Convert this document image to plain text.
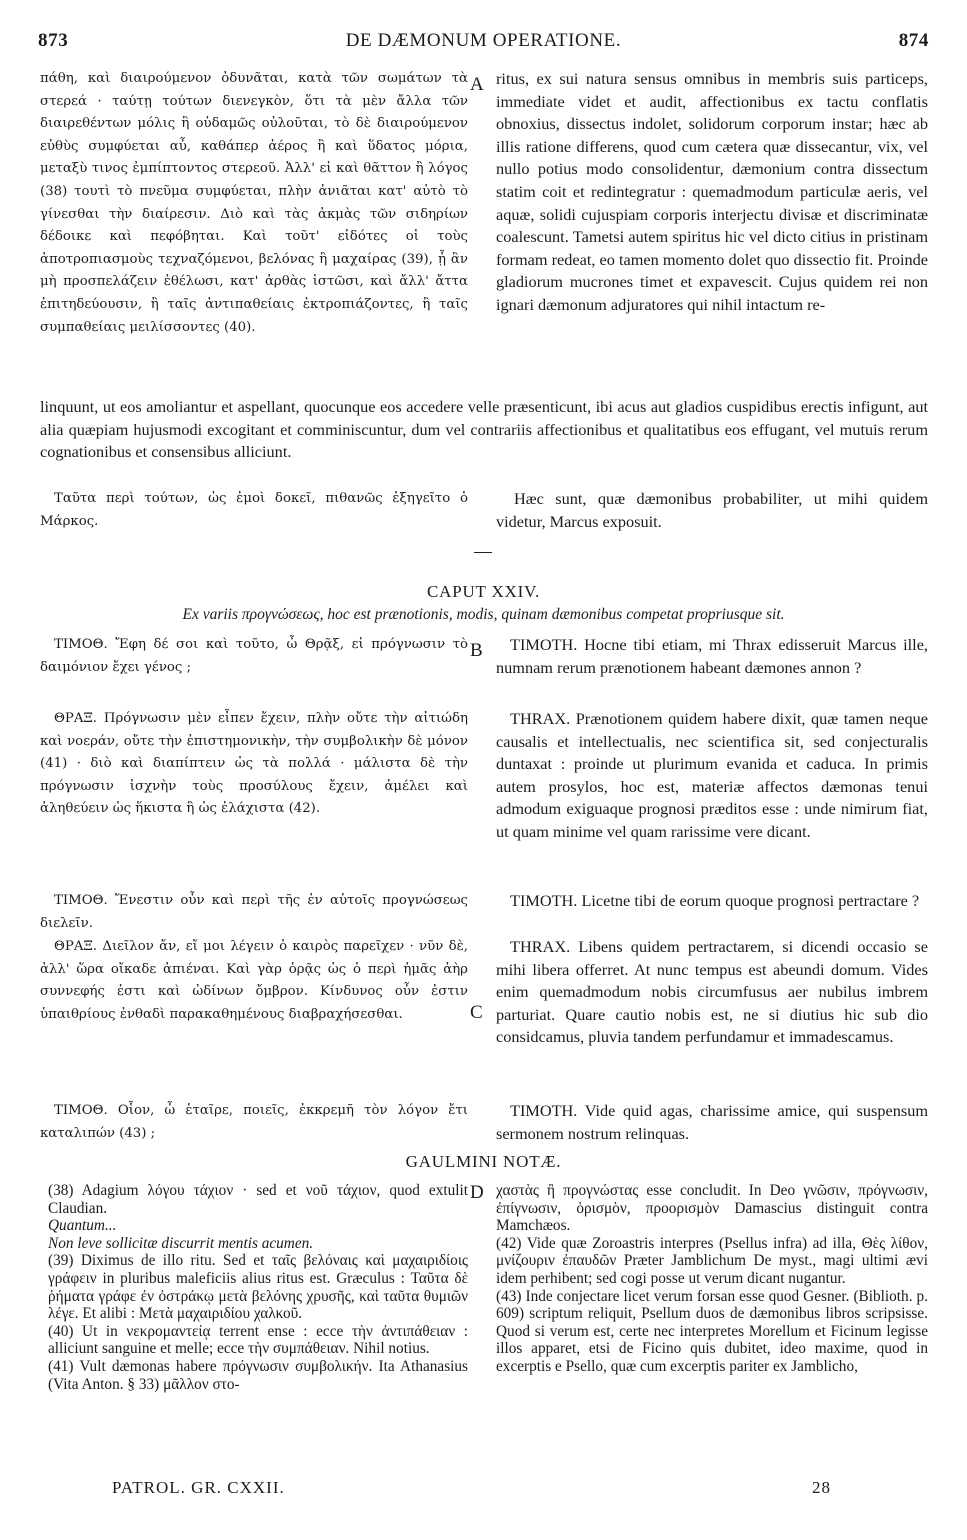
873	DE DÆMONUM OPERATIONE.	874

πάθη, καὶ διαιρούμενον ὀδυνᾶται, κατὰ τῶν σωμάτων τὰ στερεά · ταύτῃ τούτων διενεγκὸν, ὅτι τὰ μὲν ἄλλα τῶν διαιρεθέντων μόλις ἢ οὐδαμῶς οὐλοῦται, τὸ δὲ διαιρούμενον εὐθὺς συμφύεται αὖ, καθάπερ ἀέρος ἢ καὶ ὕδατος μόρια, μεταξὺ τινος ἐμπίπτοντος στερεοῦ. Ἀλλ' εἰ καὶ θᾶττον ἢ λόγος (38) τουτὶ τὸ πνεῦμα συμφύεται, πλὴν ἀνιᾶται κατ' αὐτὸ τὸ γίνεσθαι τὴν διαίρεσιν. Διὸ καὶ τὰς ἀκμὰς τῶν σιδηρίων δέδοικε καὶ πεφόβηται. Καὶ τοῦτ' εἰδότες οἱ τοὺς ἀποτροπιασμοὺς τεχναζόμενοι, βελόνας ἢ μαχαίρας (39), ᾗ ἂν μὴ προσπελάζειν ἐθέλωσι, κατ' ἀρθὰς ἱστῶσι, καὶ ἄλλ' ἄττα ἐπιτηδεύουσιν, ἢ ταῖς ἀντιπαθείαις ἐκτροπιάζοντες, ἢ ταῖς συμπαθείαις μειλίσσοντες (40).

A ritus, ex sui natura sensus omnibus in membris suis particeps, immediate videt et audit, affectionibus ex tactu conflatis obnoxius, dissectus indolet, solidorum corporum instar; hæc ab illis ratione differens, quod cum cætera quæ dissecantur, vix, vel nullo potius modo consolidentur, dæmonium contra dissectum statim coit et redintegratur : quemadmodum particulæ aeris, vel aquæ, solidi cujuspiam corporis interjectu divisæ et discriminatæ coalescunt. Tametsi autem spiritus hic vel dicto citius in pristinam formam redeat, eo tamen momento dolet quo dissectio fit. Proinde gladiorum mucrones timet et expavescit. Cujus quidem rei non ignari dæmonum adjuratores qui nihil intactum re-

linquunt, ut eos amoliantur et aspellant, quocunque eos accedere velle præsenticunt, ibi acus aut gladios cuspidibus erectis infigunt, aut alia quæpiam hujusmodi excogitant et comminiscuntur, dum vel contrariis affectionibus et qualitatibus eos effugant, vel mutuis rerum cognationibus et consensibus alliciunt.

Ταῦτα περὶ τούτων, ὡς ἐμοὶ δοκεῖ, πιθανῶς ἐξηγεῖτο ὁ Μάρκος.

Hæc sunt, quæ dæmonibus probabiliter, ut mihi quidem videtur, Marcus exposuit.

CAPUT XXIV.
Ex variis προγνώσεως, hoc est prænotionis, modis, quinam dæmonibus competat propriusque sit.

ΤΙΜΟΘ. Ἔφη δέ σοι καὶ τοῦτο, ὦ Θρᾷξ, εἰ πρόγνωσιν τὸ δαιμόνιον ἔχει γένος ;

B	TIMOTH. Hocne tibi etiam, mi Thrax edisseruit Marcus ille, numnam rerum prænotionem habeant dæmones annon ?

ΘΡΑΞ. Πρόγνωσιν μὲν εἶπεν ἔχειν, πλὴν οὔτε τὴν αἰτιώδη καὶ νοεράν, οὔτε τὴν ἐπιστημονικὴν, τὴν συμβολικὴν δὲ μόνον (41) · διὸ καὶ διαπίπτειν ὡς τὰ πολλά · μάλιστα δὲ τὴν πρόγνωσιν ἰσχνὴν τοὺς προσύλους ἔχειν, ἀμέλει καὶ ἀληθεύειν ὡς ἥκιστα ἢ ὡς ἐλάχιστα (42).

THRAX. Prænotionem quidem habere dixit, quæ tamen neque causalis et intellectualis, nec scientifica sit, sed conjecturalis duntaxat : proinde ut plurimum evanida et caduca. In primis autem prosylos, hoc est, materiæ affectos dæmonas tenui admodum exiguaque prognosi præditos esse : unde nimirum fiat, ut quam minime vel quam rarissime vere dicant.

ΤΙΜΟΘ. Ἔνεστιν οὖν καὶ περὶ τῆς ἐν αὐτοῖς προγνώσεως διελεῖν.

TIMOTH. Licetne tibi de eorum quoque prognosi pertractare ?

ΘΡΑΞ. Διεῖλον ἄν, εἴ μοι λέγειν ὁ καιρὸς παρεῖχεν · νῦν δὲ, ἀλλ' ὥρα οἴκαδε ἀπιέναι. Καὶ γὰρ ὁρᾷς ὡς ὁ περὶ ἡμᾶς ἀὴρ συννεφής ἐστι καὶ ὠδίνων ὄμβρον. Κίνδυνος οὖν ἐστιν ὑπαιθρίους ἐνθαδὶ παρακαθημένους διαβραχήσεσθαι.	C

THRAX. Libens quidem pertractarem, si dicendi occasio se mihi libera offerret. At nunc tempus est abeundi domum. Vides enim quemadmodum nobis circumfusus aer nubilus imbrem parturiat. Quare cautio nobis est, ne si diutius hic sub dio considcamus, pluvia tandem perfundamur et immadescamus.

ΤΙΜΟΘ. Οἷον, ὦ ἑταῖρε, ποιεῖς, ἐκκρεμῆ τὸν λόγον ἔτι καταλιπών (43) ;

TIMOTH. Vide quid agas, charissime amice, qui suspensum sermonem nostrum relinquas.

GAULMINI NOTÆ.

(38) Adagium λόγου τάχιον · sed et νοῦ τάχιον, quod extulit Claudian.

Quantum...

Non leve sollicitæ discurrit mentis acumen.

(39) Diximus de illo ritu. Sed et ταῖς βελόναις καὶ μαχαιριδίοις γράφειν in pluribus maleficiis alius ritus est. Græculus : Ταῦτα δὲ ῥήματα γράφε ἐν ὀστράκῳ μετὰ βελόνης χρυσῆς, καὶ ταῦτα θυμιῶν λέγε. Et alibi : Μετὰ μαχαιριδίου χαλκοῦ.

(40) Ut in νεκρομαντείᾳ terrent ense : ecce τὴν ἀντιπάθειαν : alliciunt sanguine et melle; ecce τὴν συμπάθειαν. Nihil notius.

(41) Vult dæmonas habere πρόγνωσιν συμβολικήν. Ita Athanasius (Vita Anton. § 33) μᾶλλον στο-

D χαστὰς ἢ προγνώστας esse concludit. In Deo γνῶσιν, πρόγνωσιν, ἐπίγνωσιν, ὁρισμὸν, προορισμὸν Damascius distinguit contra Mamchæos.

(42) Vide quæ Zoroastris interpres (Psellus infra) ad illa, Θὲς λίθον, μνίζουριν ἐπαυδῶν Præter Jamblichum De myst., magi ultimi ævi idem perhibent; sed cogi posse ut verum dicant nugantur.

(43) Inde conjectare licet verum forsan esse quod Gesner. (Biblioth. p. 609) scriptum reliquit, Psellum duos de dæmonibus libros scripsisse. Quod si verum est, certe nec interpretes Morellum et Ficinum legisse illos apparet, etsi de Ficino quis dubitet, ideo maxime, quod in excerptis e Psello, quæ cum excerptis pariter ex Jamblicho,

PATROL. GR. CXXII.	28
